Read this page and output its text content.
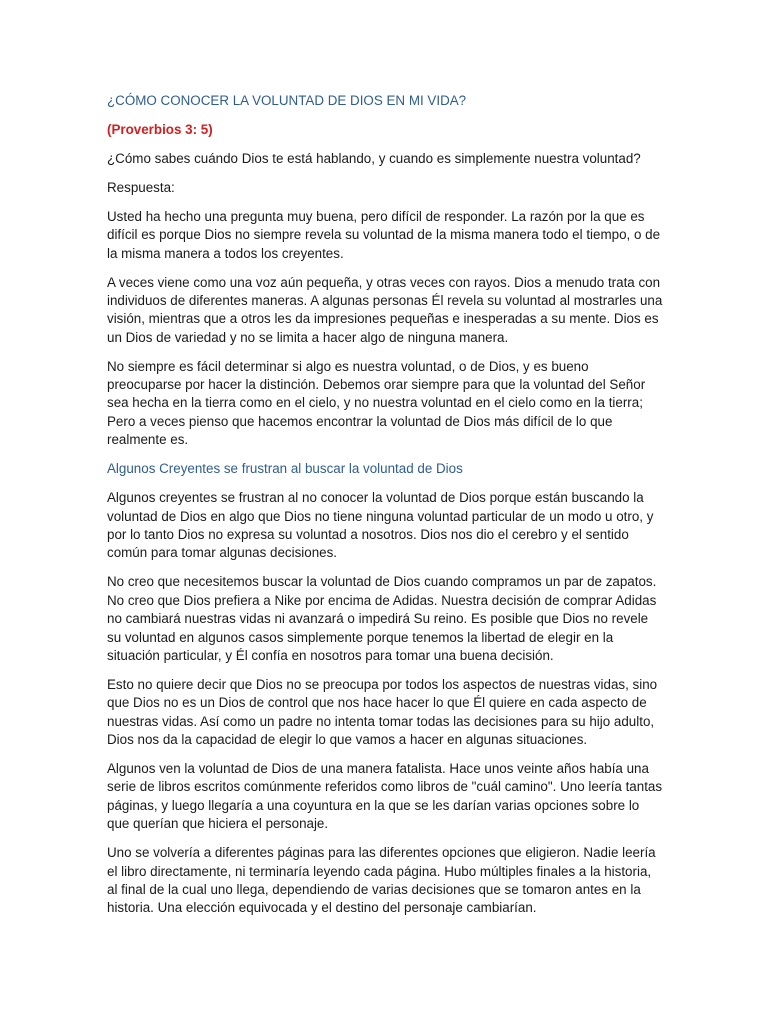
¿CÓMO CONOCER LA VOLUNTAD DE DIOS EN MI VIDA?
(Proverbios 3: 5)

¿Cómo sabes cuándo Dios te está hablando, y cuando es simplemente nuestra voluntad?

Respuesta:

Usted ha hecho una pregunta muy buena, pero difícil de responder. La razón por la que es difícil es porque Dios no siempre revela su voluntad de la misma manera todo el tiempo, o de la misma manera a todos los creyentes.

A veces viene como una voz aún pequeña, y otras veces con rayos. Dios a menudo trata con individuos de diferentes maneras. A algunas personas Él revela su voluntad al mostrarles una visión, mientras que a otros les da impresiones pequeñas e inesperadas a su mente. Dios es un Dios de variedad y no se limita a hacer algo de ninguna manera.

No siempre es fácil determinar si algo es nuestra voluntad, o de Dios, y es bueno preocuparse por hacer la distinción. Debemos orar siempre para que la voluntad del Señor sea hecha en la tierra como en el cielo, y no nuestra voluntad en el cielo como en la tierra; Pero a veces pienso que hacemos encontrar la voluntad de Dios más difícil de lo que realmente es.

Algunos Creyentes se frustran al buscar la voluntad de Dios

Algunos creyentes se frustran al no conocer la voluntad de Dios porque están buscando la voluntad de Dios en algo que Dios no tiene ninguna voluntad particular de un modo u otro, y por lo tanto Dios no expresa su voluntad a nosotros. Dios nos dio el cerebro y el sentido común para tomar algunas decisiones.

No creo que necesitemos buscar la voluntad de Dios cuando compramos un par de zapatos. No creo que Dios prefiera a Nike por encima de Adidas. Nuestra decisión de comprar Adidas no cambiará nuestras vidas ni avanzará o impedirá Su reino. Es posible que Dios no revele su voluntad en algunos casos simplemente porque tenemos la libertad de elegir en la situación particular, y Él confía en nosotros para tomar una buena decisión.

Esto no quiere decir que Dios no se preocupa por todos los aspectos de nuestras vidas, sino que Dios no es un Dios de control que nos hace hacer lo que Él quiere en cada aspecto de nuestras vidas. Así como un padre no intenta tomar todas las decisiones para su hijo adulto, Dios nos da la capacidad de elegir lo que vamos a hacer en algunas situaciones.

Algunos ven la voluntad de Dios de una manera fatalista. Hace unos veinte años había una serie de libros escritos comúnmente referidos como libros de "cuál camino". Uno leería tantas páginas, y luego llegaría a una coyuntura en la que se les darían varias opciones sobre lo que querían que hiciera el personaje.

Uno se volvería a diferentes páginas para las diferentes opciones que eligieron. Nadie leería el libro directamente, ni terminaría leyendo cada página. Hubo múltiples finales a la historia, al final de la cual uno llega, dependiendo de varias decisiones que se tomaron antes en la historia. Una elección equivocada y el destino del personaje cambiarían.
